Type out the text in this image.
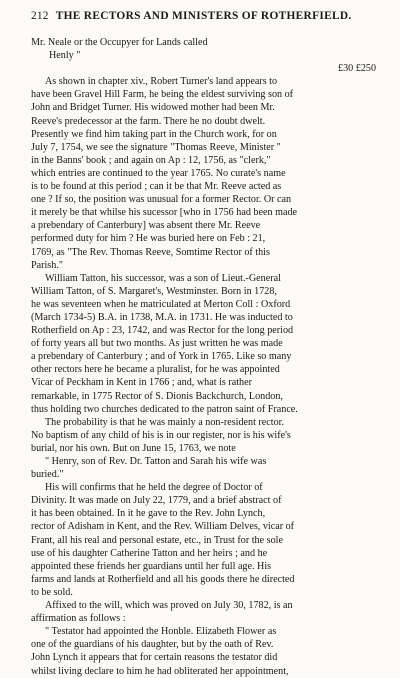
212 THE RECTORS AND MINISTERS OF ROTHERFIELD.
Mr. Neale or the Occupyer for Lands called
Henly "
£30 £250
As shown in chapter xiv., Robert Turner's land appears to
have been Gravel Hill Farm, he being the eldest surviving son of
John and Bridget Turner. His widowed mother had been Mr.
Reeve's predecessor at the farm. There he no doubt dwelt.
Presently we find him taking part in the Church work, for on
July 7, 1754, we see the signature "Thomas Reeve, Minister "
in the Banns' book ; and again on Ap : 12, 1756, as "clerk,"
which entries are continued to the year 1765. No curate's name
is to be found at this period ; can it be that Mr. Reeve acted as
one ? If so, the position was unusual for a former Rector. Or can
it merely be that whilse his sucessor [who in 1756 had been made
a prebendary of Canterbury] was absent there Mr. Reeve
performed duty for him ? He was buried here on Feb : 21,
1769, as "The Rev. Thomas Reeve, Somtime Rector of this
Parish."
William Tatton, his successor, was a son of Lieut.-General
William Tatton, of S. Margaret's, Westminster. Born in 1728,
he was seventeen when he matriculated at Merton Coll : Oxford
(March 1734-5) B.A. in 1738, M.A. in 1731. He was inducted to
Rotherfield on Ap : 23, 1742, and was Rector for the long period
of forty years all but two months. As just written he was made
a prebendary of Canterbury ; and of York in 1765. Like so many
other rectors here he became a pluralist, for he was appointed
Vicar of Peckham in Kent in 1766 ; and, what is rather
remarkable, in 1775 Rector of S. Dionis Backchurch, London,
thus holding two churches dedicated to the patron saint of France.
The probability is that he was mainly a non-resident rector.
No baptism of any child of his is in our register, nor is his wife's
burial, nor his own. But on June 15, 1763, we note
" Henry, son of Rev. Dr. Tatton and Sarah his wife was
buried."
His will confirms that he held the degree of Doctor of
Divinity. It was made on July 22, 1779, and a brief abstract of
it has been obtained. In it he gave to the Rev. John Lynch,
rector of Adisham in Kent, and the Rev. William Delves, vicar of
Frant, all his real and personal estate, etc., in Trust for the sole
use of his daughter Catherine Tatton and her heirs ; and he
appointed these friends her guardians until her full age. His
farms and lands at Rotherfield and all his goods there he directed
to be sold.
Affixed to the will, which was proved on July 30, 1782, is an
affirmation as follows :
" Testator had appointed the Honble. Elizabeth Flower as
one of the guardians of his daughter, but by the oath of Rev.
John Lynch it appears that for certain reasons the testator did
whilst living declare to him he had obliterated her appointment,
